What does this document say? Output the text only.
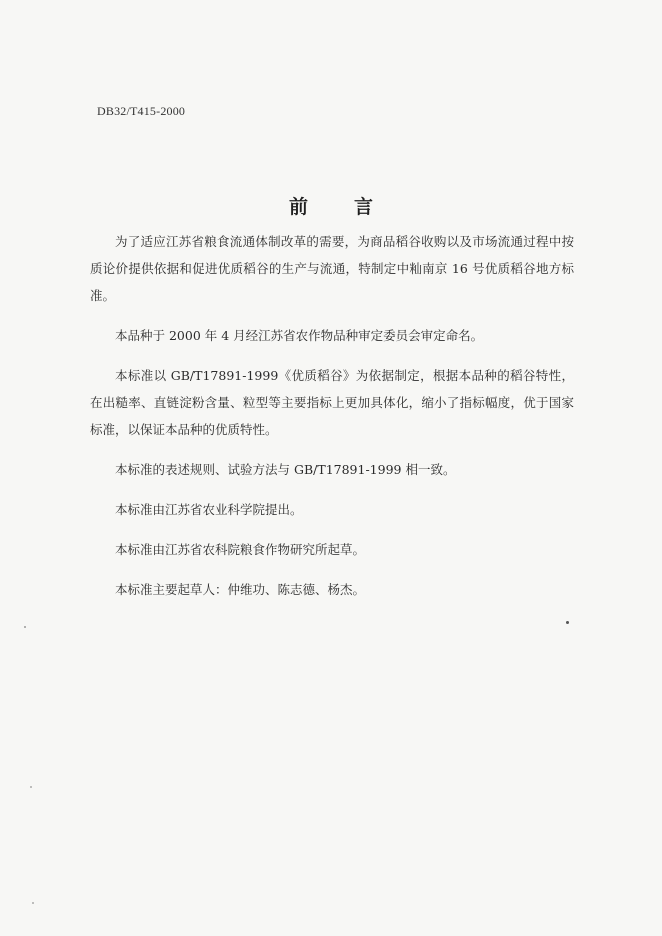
DB32/T415-2000
前言

为了适应江苏省粮食流通体制改革的需要，为商品稻谷收购以及市场流通过程中按质论价提供依据和促进优质稻谷的生产与流通，特制定中籼南京 16 号优质稻谷地方标准。

本品种于 2000 年 4 月经江苏省农作物品种审定委员会审定命名。

本标准以 GB/T17891-1999《优质稻谷》为依据制定，根据本品种的稻谷特性，在出糙率、直链淀粉含量、粒型等主要指标上更加具体化，缩小了指标幅度，优于国家标准，以保证本品种的优质特性。

本标准的表述规则、试验方法与 GB/T17891-1999 相一致。

本标准由江苏省农业科学院提出。

本标准由江苏省农科院粮食作物研究所起草。

本标准主要起草人：仲维功、陈志德、杨杰。
